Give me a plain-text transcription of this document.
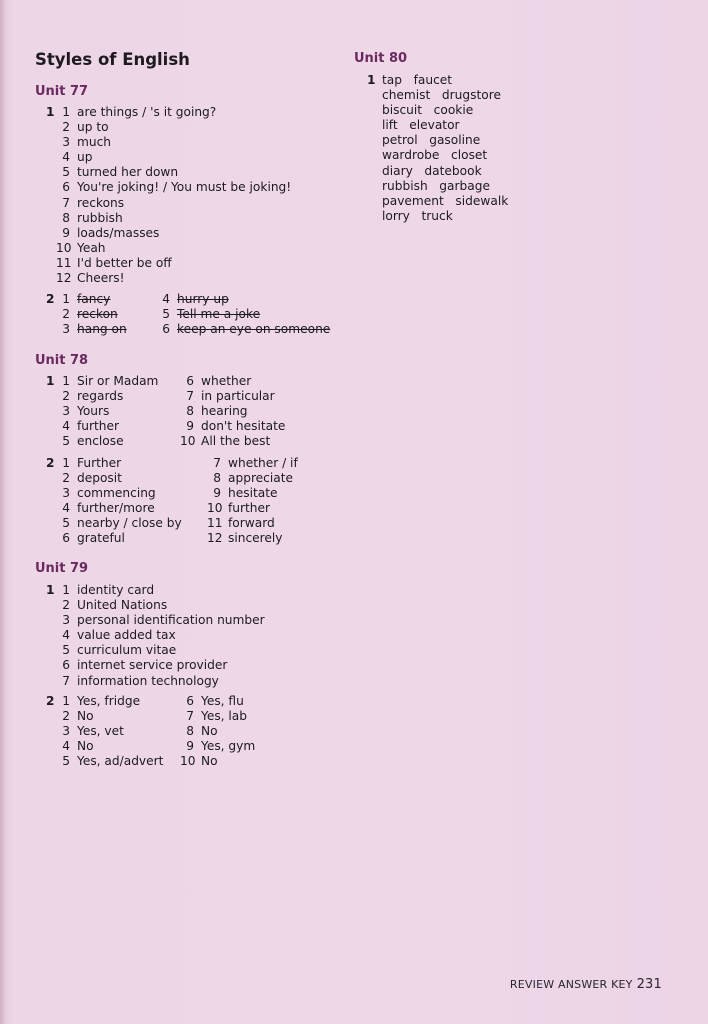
Styles of English
Unit 77
1 1 are things / 's it going?
2 up to
3 much
4 up
5 turned her down
6 You're joking! / You must be joking!
7 reckons
8 rubbish
9 loads/masses
10 Yeah
11 I'd better be off
12 Cheers!
2 1 fancy
2 reckon
3 hang on
4 hurry up
5 Tell me a joke
6 keep an eye on someone
Unit 78
1 1 Sir or Madam
2 regards
3 Yours
4 further
5 enclose
6 whether
7 in particular
8 hearing
9 don't hesitate
10 All the best
2 1 Further
2 deposit
3 commencing
4 further/more
5 nearby / close by
6 grateful
7 whether / if
8 appreciate
9 hesitate
10 further
11 forward
12 sincerely
Unit 79
1 1 identity card
2 United Nations
3 personal identification number
4 value added tax
5 curriculum vitae
6 internet service provider
7 information technology
2 1 Yes, fridge
2 No
3 Yes, vet
4 No
5 Yes, ad/advert
6 Yes, flu
7 Yes, lab
8 No
9 Yes, gym
10 No
Unit 80
1 tap   faucet
chemist   drugstore
biscuit   cookie
lift   elevator
petrol   gasoline
wardrobe   closet
diary   datebook
rubbish   garbage
pavement   sidewalk
lorry   truck
REVIEW ANSWER KEY 231
